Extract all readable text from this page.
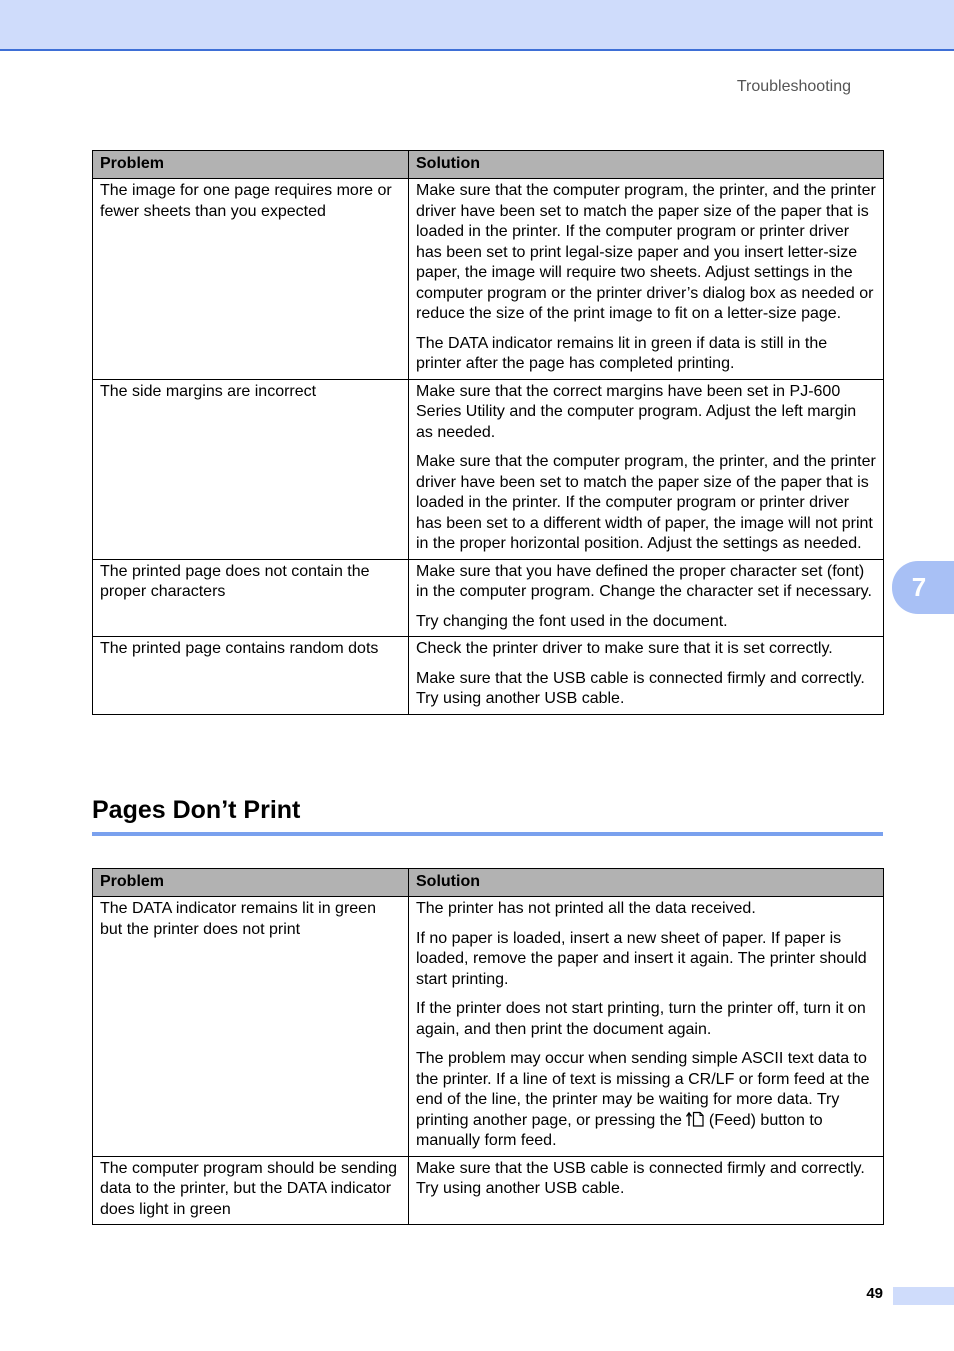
Troubleshooting
7
Problem	Solution
The image for one page requires more or fewer sheets than you expected	Make sure that the computer program, the printer, and the printer driver have been set to match the paper size of the paper that is loaded in the printer. If the computer program or printer driver has been set to print legal-size paper and you insert letter-size paper, the image will require two sheets. Adjust settings in the computer program or the printer driver’s dialog box as needed or reduce the size of the print image to fit on a letter-size page.

The DATA indicator remains lit in green if data is still in the printer after the page has completed printing.

The side margins are incorrect	Make sure that the correct margins have been set in PJ-600 Series Utility and the computer program. Adjust the left margin as needed.

Make sure that the computer program, the printer, and the printer driver have been set to match the paper size of the paper that is loaded in the printer. If the computer program or printer driver has been set to a different width of paper, the image will not print in the proper horizontal position. Adjust the settings as needed.

The printed page does not contain the proper characters	Make sure that you have defined the proper character set (font) in the computer program. Change the character set if necessary.

Try changing the font used in the document.

The printed page contains random dots	Check the printer driver to make sure that it is set correctly.

Make sure that the USB cable is connected firmly and correctly. Try using another USB cable.

Pages Don’t Print
Problem	Solution
The DATA indicator remains lit in green but the printer does not print	The printer has not printed all the data received.

If no paper is loaded, insert a new sheet of paper. If paper is loaded, remove the paper and insert it again. The printer should start printing.

If the printer does not start printing, turn the printer off, turn it on again, and then print the document again.

The problem may occur when sending simple ASCII text data to the printer. If a line of text is missing a CR/LF or form feed at the end of the line, the printer may be waiting for more data. Try printing another page, or pressing the (Feed) button to manually form feed.

The computer program should be sending data to the printer, but the DATA indicator does light in green	Make sure that the USB cable is connected firmly and correctly. Try using another USB cable.

49
